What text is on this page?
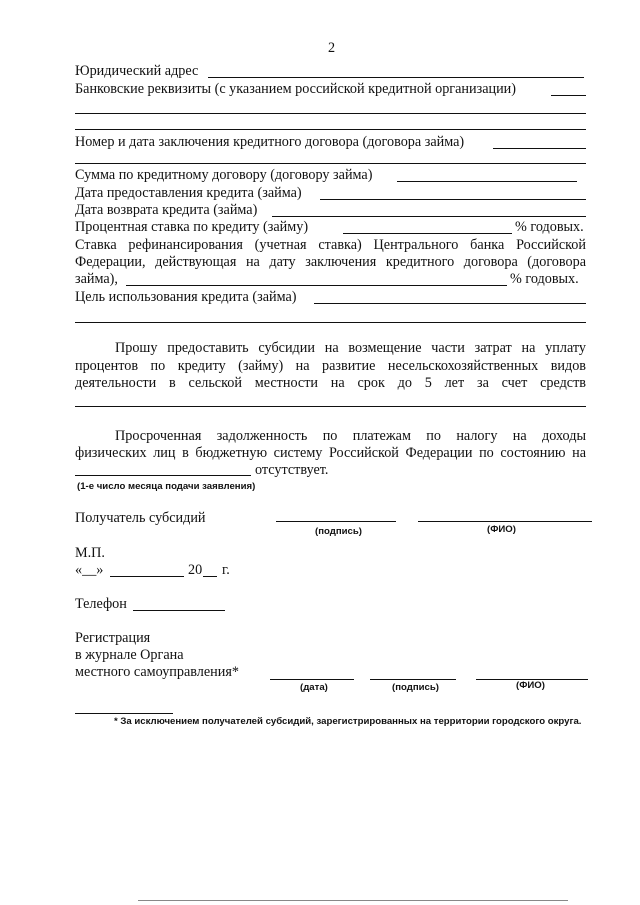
2
Юридический адрес
Банковские реквизиты (с указанием российской кредитной организации)
Номер и дата заключения кредитного договора (договора займа)
Сумма по кредитному договору (договору займа)
Дата предоставления кредита (займа)
Дата возврата кредита (займа)
Процентная ставка по кредиту (займу)	% годовых.
Ставка рефинансирования (учетная ставка) Центрального банка Российской
Федерации, действующая на дату заключения кредитного договора (договора
займа),	% годовых.
Цель использования кредита (займа)
Прошу предоставить субсидии на возмещение части затрат на уплату
процентов по кредиту (займу) на развитие несельскохозяйственных видов
деятельности в сельской местности на срок до 5 лет за счет средств
Просроченная задолженность по платежам по налогу на доходы
физических лиц в бюджетную систему Российской Федерации по состоянию на
отсутствует.
(1-е число месяца подачи заявления)
Получатель субсидий
(подпись)	(ФИО)
М.П.
«__»	20 г.
Телефон
Регистрация
в журнале Органа
местного самоуправления*
(дата)	(подпись)	(ФИО)
* За исключением получателей субсидий, зарегистрированных на территории городского округа.
